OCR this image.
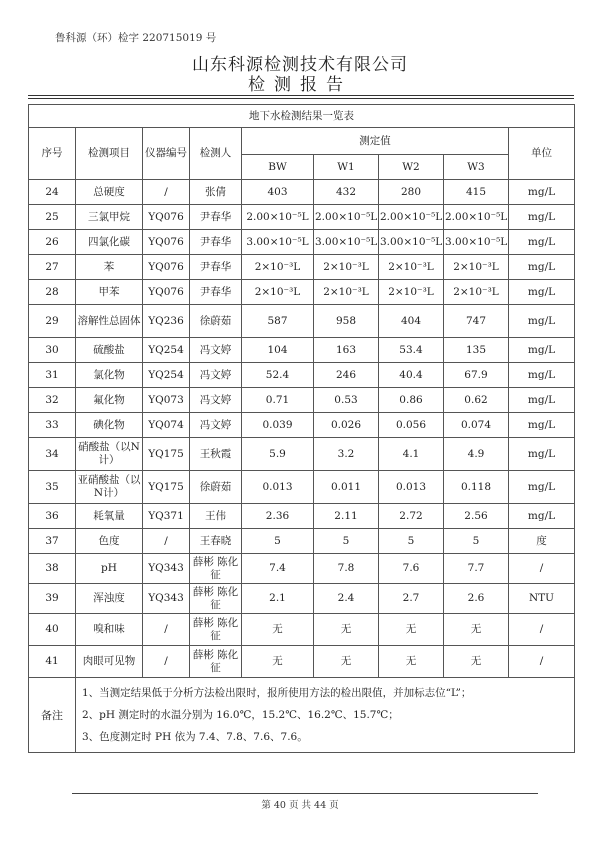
鲁科源（环）检字 220715019 号
山东科源检测技术有限公司
检测报告
地下水检测结果一览表								
序号	检测项目	仪器编号	检测人	测定值				单位
				BW	W1	W2	W3	
24	总硬度	/	张倩	403	432	280	415	mg/L
25	三氯甲烷	YQ076	尹春华	2.00×10⁻⁵L	2.00×10⁻⁵L	2.00×10⁻⁵L	2.00×10⁻⁵L	mg/L
26	四氯化碳	YQ076	尹春华	3.00×10⁻⁵L	3.00×10⁻⁵L	3.00×10⁻⁵L	3.00×10⁻⁵L	mg/L
27	苯	YQ076	尹春华	2×10⁻³L	2×10⁻³L	2×10⁻³L	2×10⁻³L	mg/L
28	甲苯	YQ076	尹春华	2×10⁻³L	2×10⁻³L	2×10⁻³L	2×10⁻³L	mg/L
29	溶解性总固体	YQ236	徐蔚茹	587	958	404	747	mg/L
30	硫酸盐	YQ254	冯文婷	104	163	53.4	135	mg/L
31	氯化物	YQ254	冯文婷	52.4	246	40.4	67.9	mg/L
32	氟化物	YQ073	冯文婷	0.71	0.53	0.86	0.62	mg/L
33	碘化物	YQ074	冯文婷	0.039	0.026	0.056	0.074	mg/L
34	硝酸盐（以N计）	YQ175	王秋霞	5.9	3.2	4.1	4.9	mg/L
35	亚硝酸盐（以N计）	YQ175	徐蔚茹	0.013	0.011	0.013	0.118	mg/L
36	耗氧量	YQ371	王伟	2.36	2.11	2.72	2.56	mg/L
37	色度	/	王春晓	5	5	5	5	度
38	pH	YQ343	薛彬 陈化征	7.4	7.8	7.6	7.7	/
39	浑浊度	YQ343	薛彬 陈化征	2.1	2.4	2.7	2.6	NTU
40	嗅和味	/	薛彬 陈化征	无	无	无	无	/
41	肉眼可见物	/	薛彬 陈化征	无	无	无	无	/
备注	1、当测定结果低于分析方法检出限时，报所使用方法的检出限值，并加标志位“L”；
2、pH 测定时的水温分别为 16.0℃，15.2℃、16.2℃、15.7℃；
3、色度测定时 PH 依为 7.4、7.8、7.6、7.6。							
第 40 页 共 44 页
